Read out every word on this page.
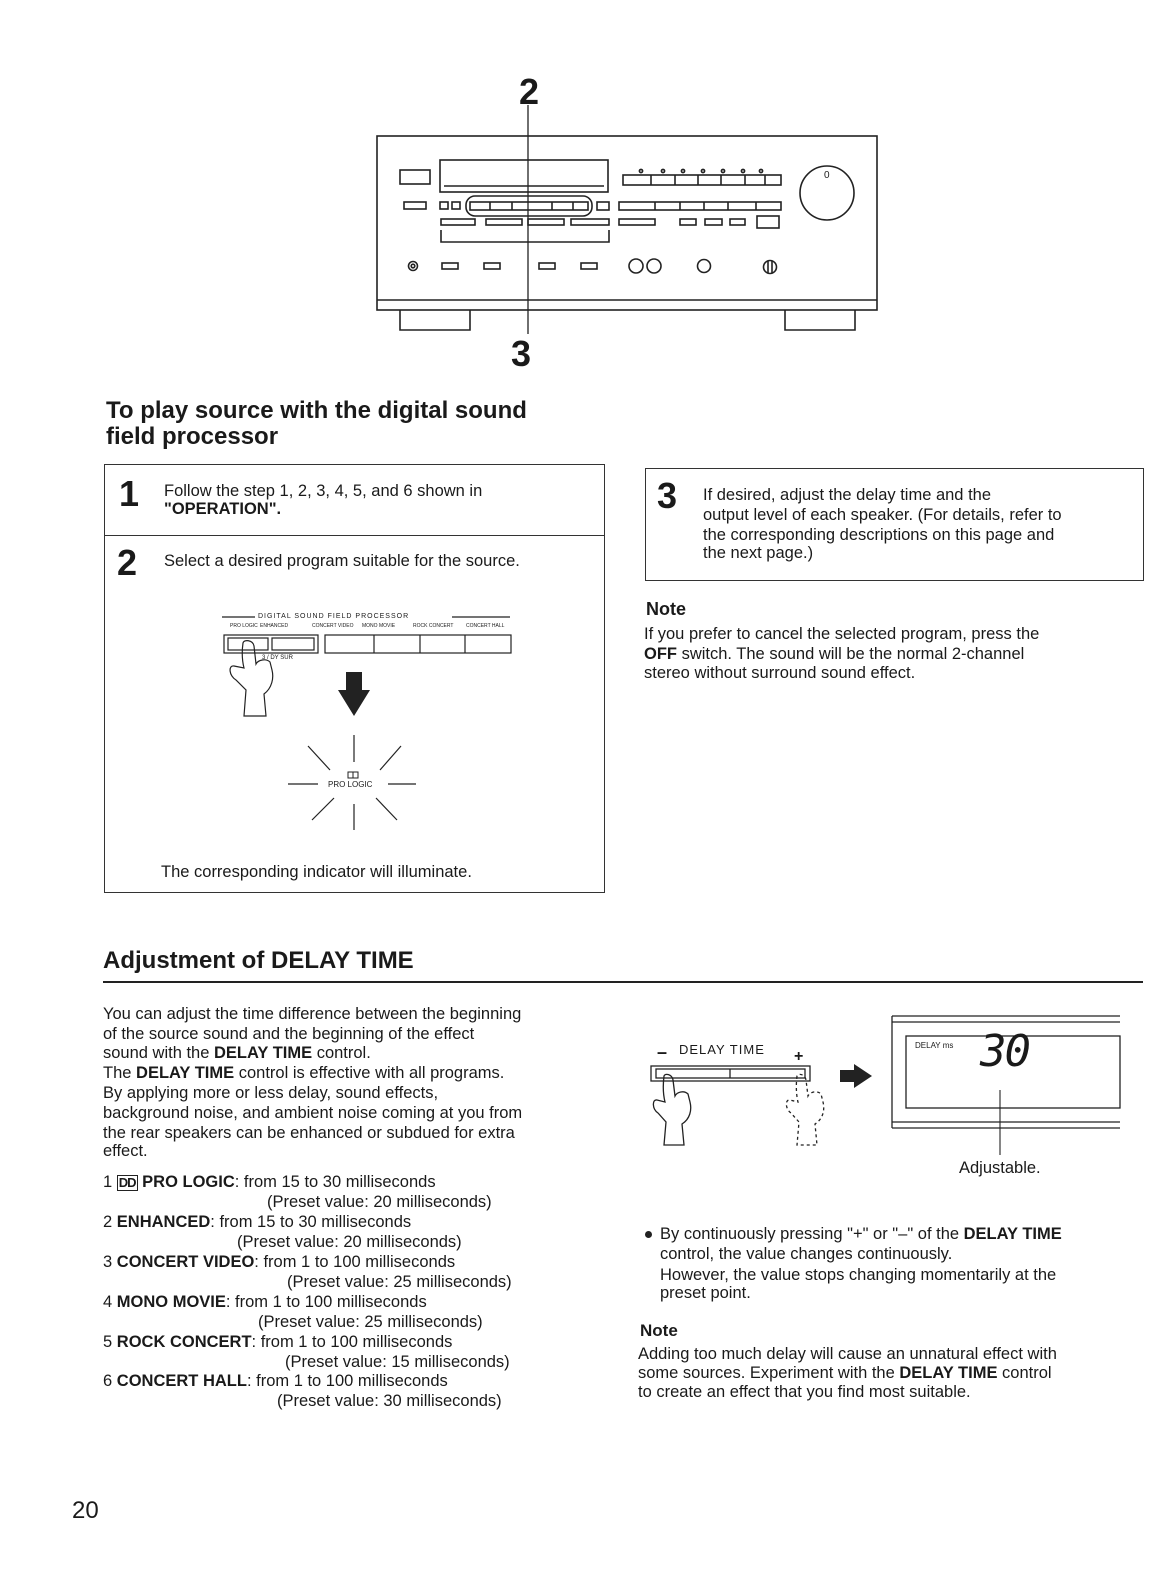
2
3
0
To play source with the digital sound
field processor
1 Follow the step 1, 2, 3, 4, 5, and 6 shown in
"OPERATION".
2 Select a desired program suitable for the source.
DIGITAL SOUND FIELD PROCESSOR
PRO LOGIC ENHANCED	CONCERT VIDEO MONO MOVIE	ROCK CONCERT	CONCERT HALL
3 / DY SUR
PRO LOGIC
The corresponding indicator will illuminate.
3 If desired, adjust the delay time and the
output level of each speaker. (For details, refer to
the corresponding descriptions on this page and
the next page.)
Note
If you prefer to cancel the selected program, press the
OFF switch. The sound will be the normal 2-channel
stereo without surround sound effect.
Adjustment of DELAY TIME
You can adjust the time difference between the beginning
of the source sound and the beginning of the effect
sound with the DELAY TIME control.
The DELAY TIME control is effective with all programs.
By applying more or less delay, sound effects,
background noise, and ambient noise coming at you from
the rear speakers can be enhanced or subdued for extra
effect.
1 DD PRO LOGIC: from 15 to 30 milliseconds
(Preset value: 20 milliseconds)
2 ENHANCED: from 15 to 30 milliseconds
(Preset value: 20 milliseconds)
3 CONCERT VIDEO: from 1 to 100 milliseconds
(Preset value: 25 milliseconds)
4 MONO MOVIE: from 1 to 100 milliseconds
(Preset value: 25 milliseconds)
5 ROCK CONCERT: from 1 to 100 milliseconds
(Preset value: 15 milliseconds)
6 CONCERT HALL: from 1 to 100 milliseconds
(Preset value: 30 milliseconds)
DELAY TIME
–	+
DELAY ms 30
Adjustable.
By continuously pressing "+" or "–" of the DELAY TIME
control, the value changes continuously.
However, the value stops changing momentarily at the
preset point.
Note
Adding too much delay will cause an unnatural effect with
some sources. Experiment with the DELAY TIME control
to create an effect that you find most suitable.
20
